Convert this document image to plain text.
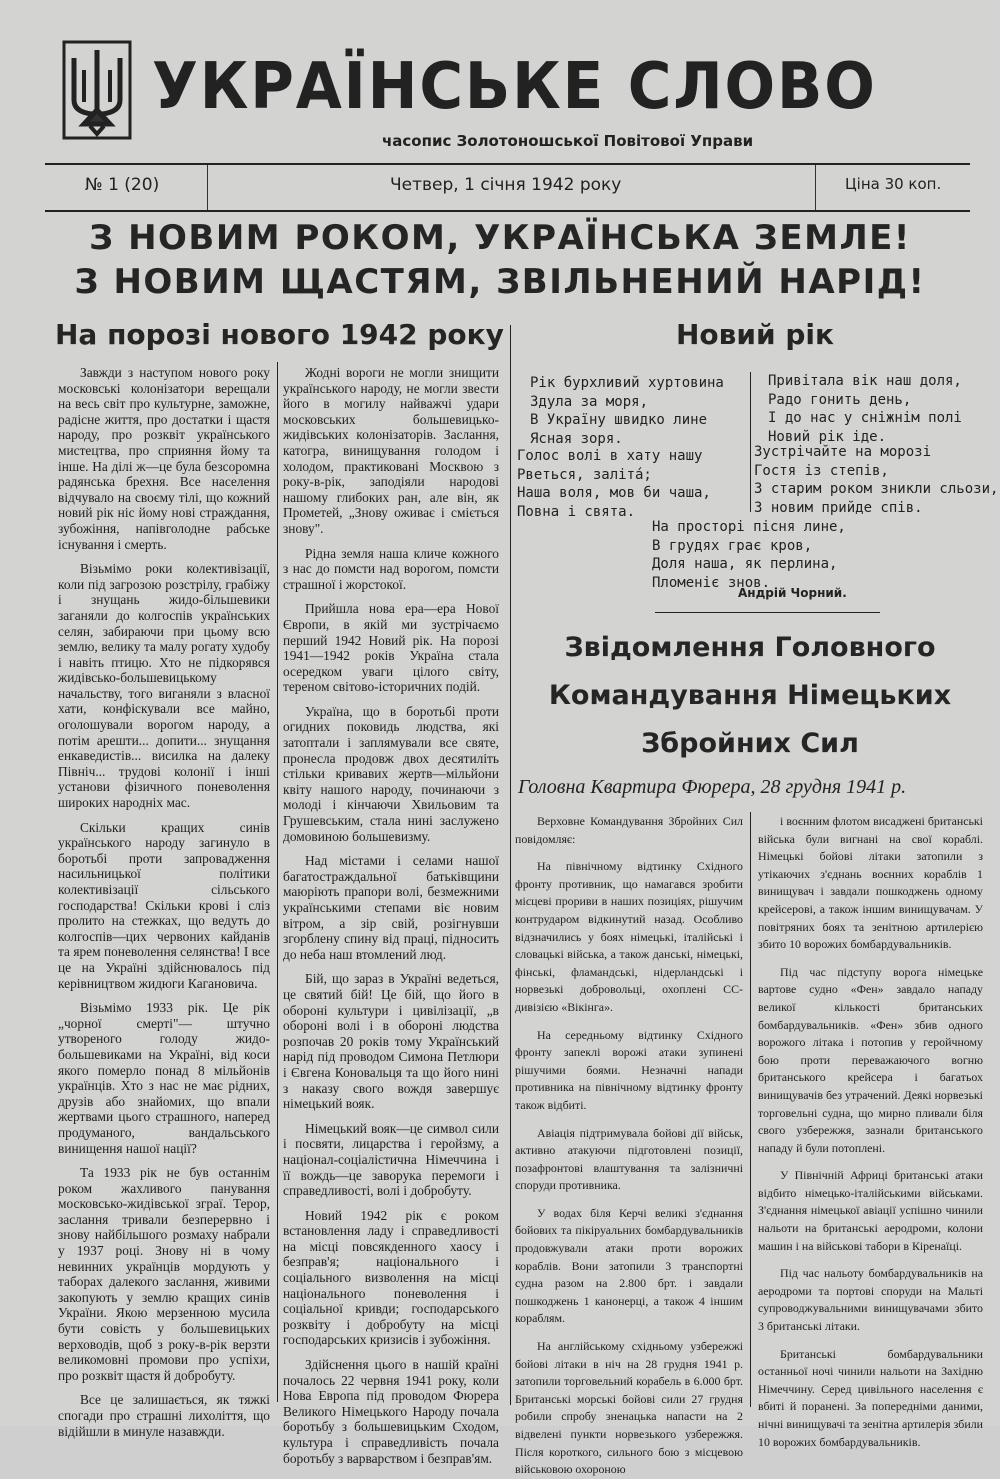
УКРАЇНСЬКЕ СЛОВО
часопис Золотоношської Повітової Управи
№ 1 (20)	Четвер, 1 січня 1942 року	Ціна 30 коп.
З НОВИМ РОКОМ, УКРАЇНСЬКА ЗЕМЛЕ!
З НОВИМ ЩАСТЯМ, ЗВІЛЬНЕНИЙ НАРІД!
На порозі нового 1942 року

Завжди з наступом нового року московські колонізатори верещали на весь світ про культурне, заможне, радісне життя, про достатки і щастя народу, про розквіт українського мистецтва, про сприяння йому та інше. На ділі ж—це була безсоромна радянська брехня. Все населення відчувало на своєму тілі, що кожний новий рік ніс йому нові страждання, зубожіння, напівголодне рабське існування і смерть.

Візьмімо роки колективізації, коли під загрозою розстрілу, грабіжу і знущань жидо-більшевики заганяли до колгоспів українських селян, забираючи при цьому всю землю, велику та малу рогату худобу і навіть птицю. Хто не підкорявся жидівсько-большевицькому начальству, того виганяли з власної хати, конфіскували все майно, оголошували ворогом народу, а потім арешти... допити... знущання енкаведистів... висилка на далеку Північ... трудові колонії і інші установи фізичного поневолення широких народніх мас.

Скільки кращих синів українського народу загинуло в боротьбі проти запровадження насильницької політики колективізації сільського господарства! Скільки крові і сліз пролито на стежках, що ведуть до колгоспів—цих червоних кайданів та ярем поневолення селянства! І все це на Україні здійснювалось під керівництвом жидюги Кагановича.

Візьмімо 1933 рік. Це рік „чорної смерті"— штучно утвореного голоду жидо-большевиками на Україні, від коси якого померло понад 8 мільйонів українців. Хто з нас не має рідних, друзів або знайомих, що впали жертвами цього страшного, наперед продуманого, вандальського винищення нашої нації?

Та 1933 рік не був останнім роком жахливого панування московсько-жидівської зграї. Терор, заслання тривали безперервно і знову найбільшого розмаху набрали у 1937 році. Знову ні в чому невинних українців мордують у таборах далекого заслання, живими закопують у землю кращих синів України. Якою мерзенною мусила бути совість у большевицьких верховодів, щоб з року-в-рік верзти великомовні промови про успіхи, про розквіт щастя й добробуту.

Все це залишається, як тяжкі спогади про страшні лихоліття, що відійшли в минуле назавжди.

Жодні вороги не могли знищити українського народу, не могли звести його в могилу найважчі удари московських большевицько-жидівських колонізаторів. Заслання, катогра, винищування голодом і холодом, практиковані Москвою з року-в-рік, заподіяли народові нашому глибоких ран, але він, як Прометей, „Знову оживає і сміється знову".

Рідна земля наша кличе кожного з нас до помсти над ворогом, помсти страшної і жорстокої.

Прийшла нова ера—ера Нової Європи, в якій ми зустрічаємо перший 1942 Новий рік. На порозі 1941—1942 років Україна стала осередком уваги цілого світу, тереном світово-історичних подій.

Україна, що в боротьбі проти огидних поковидь людства, які затоптали і заплямували все святе, пронесла продовж двох десятиліть стільки кривавих жертв—мільйони квіту нашого народу, починаючи з молоді і кінчаючи Хвильовим та Грушевським, стала нині заслужено домовиною большевизму.

Над містами і селами нашої багатостраждальної батьківщини маюріють прапори волі, безмежними українськими степами віє новим вітром, а зір свій, розігнувши згорблену спину від праці, підносить до неба наш втомлений люд.

Бій, що зараз в Україні ведеться, це святий бій! Це бій, що його в обороні культури і цивілізації, „в обороні волі і в обороні людства розпочав 20 років тому Український нарід під проводом Симона Петлюри і Євгена Коновальця та що його нині з наказу свого вождя завершує німецький вояк.

Німецький вояк—це символ сили і посвяти, лицарства і геройзму, а націонал-соціалістична Німеччина і її вождь—це заворука перемоги і справедливості, волі і добробуту.

Новий 1942 рік є роком встановлення ладу і справедливості на місці повсякденного хаосу і безправ'я; національного і соціального визволення на місці національного поневолення і соціальної кривди; господарського розквіту і добробуту на місці господарських кризисів і зубожіння.

Здійснення цього в нашій країні почалось 22 червня 1941 року, коли Нова Европа під проводом Фюрера Великого Німецького Народу почала боротьбу з большевицьким Сходом, культура і справедливість почала боротьбу з варварством і безправ'ям.

Новий рік
Рік бурхливий хуртовина
Здула за моря,
В Україну швидко лине
Ясная зоря.
Голос волі в хату нашу
Рветься, залітá;
Наша воля, мов би чаша,
Повна і свята.
Привітала вік наш доля,
Радо гонить день,
І до нас у сніжнім полі
Новий рік іде.
Зустрічайте на морозі
Гостя із степів,
З старим роком зникли сльози,
З новим прийде спів.
На просторі пісня лине,
В грудях грає кров,
Доля наша, як перлина,
Пломеніє знов.
Андрій Чорний.
Звідомлення Головного
Командування Німецьких
Збройних Сил
Головна Квартира Фюрера, 28 грудня 1941 р.

Верховне Командування Збройних Сил повідомляє:

На північному відтинку Східного фронту противник, що намагався зробити місцеві прориви в наших позиціях, рішучим контрударом відкинутий назад. Особливо відзначились у боях німецькі, італійські і словацькі війська, а також данські, німецькі, фінські, фламандські, нідерландські і норвезькі добровольці, охоплені СС-дивізією «Вікінга».

На середньому відтинку Східного фронту запеклі ворожі атаки зупинені рішучими боями. Незначні напади противника на північному відтинку фронту також відбиті.

Авіація підтримувала бойові дії військ, активно атакуючи підготовлені позиції, позафронтові влаштування та залізничні споруди противника.

У водах біля Керчі великі з'єднання бойових та пікіруальних бомбардувальників продовжували атаки проти ворожих кораблів. Вони затопили 3 транспортні судна разом на 2.800 брт. і завдали пошкоджень 1 канонерці, а також 4 іншим кораблям.

На англійському східньому узбережжі бойові літаки в ніч на 28 грудня 1941 р. затопили торговельний корабель в 6.000 брт. Британські морські бойові сили 27 грудня робили спробу зненацька напасти на 2 відвелені пункти норвезького узбережжя. Після короткого, сильного бою з місцевою військовою охороною

і воєнним флотом висаджені британські війська були вигнані на свої кораблі. Німецькі бойові літаки затопили з утікаючих з'єднань воєнних кораблів 1 винищувач і завдали пошкоджень одному крейсерові, а також іншим винищувачам. У повітряних боях та зенітною артилерією збито 10 ворожих бомбардувальників.

Під час підступу ворога німецьке вартове судно «Фен» завдало нападу великої кількості британських бомбардувальників. «Фен» збив одного ворожого літака і потопив у геройчному бою проти переважаючого вогню британського крейсера і багатьох винищувачів без утрачений. Деякі норвезькі торговельні судна, що мирно пливали біля свого узбережжя, зазнали британського нападу й були потоплені.

У Північній Африці британські атаки відбито німецько-італійськими військами. З'єднання німецької авіації успішно чинили нальоти на британські аеродроми, колони машин і на військові табори в Кіренаїці.

Під час нальоту бомбардувальників на аеродроми та портові споруди на Мальті супроводжувальними винищувачами збито 3 британські літаки.

Британські бомбардувальники останньої ночі чинили нальоти на Західню Німеччину. Серед цивільного населення є вбиті й поранені. За попередніми даними, нічні винищувачі та зенітна артилерія збили 10 ворожих бомбардувальників.
